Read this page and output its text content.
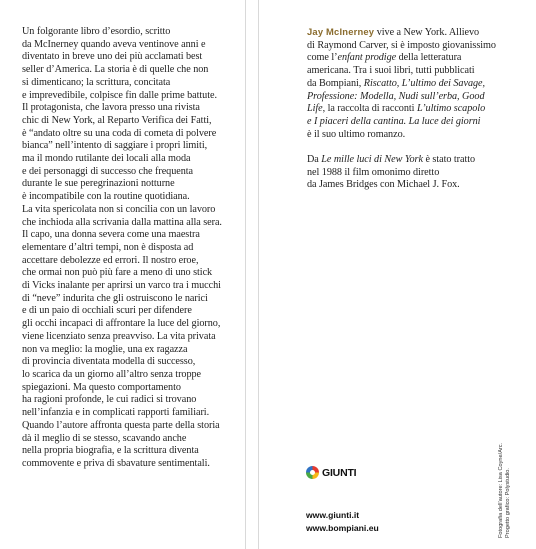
Un folgorante libro d’esordio, scritto
da McInerney quando aveva ventinove anni e
diventato in breve uno dei più acclamati best
seller d’America. La storia è di quelle che non
si dimenticano; la scrittura, concitata
e imprevedibile, colpisce fin dalle prime battute.
Il protagonista, che lavora presso una rivista
chic di New York, al Reparto Verifica dei Fatti,
è “andato oltre su una coda di cometa di polvere
bianca” nell’intento di saggiare i propri limiti,
ma il mondo rutilante dei locali alla moda
e dei personaggi di successo che frequenta
durante le sue peregrinazioni notturne
è incompatibile con la routine quotidiana.
La vita spericolata non si concilia con un lavoro
che inchioda alla scrivania dalla mattina alla sera.
Il capo, una donna severa come una maestra
elementare d’altri tempi, non è disposta ad
accettare debolezze ed errori. Il nostro eroe,
che ormai non può più fare a meno di uno stick
di Vicks inalante per aprirsi un varco tra i mucchi
di “neve” indurita che gli ostruiscono le narici
e di un paio di occhiali scuri per difendere
gli occhi incapaci di affrontare la luce del giorno,
viene licenziato senza preavviso. La vita privata
non va meglio: la moglie, una ex ragazza
di provincia diventata modella di successo,
lo scarica da un giorno all’altro senza troppe
spiegazioni. Ma questo comportamento
ha ragioni profonde, le cui radici si trovano
nell’infanzia e in complicati rapporti familiari.
Quando l’autore affronta questa parte della storia
dà il meglio di se stesso, scavando anche
nella propria biografia, e la scrittura diventa
commovente e priva di sbavature sentimentali.

Jay McInerney vive a New York. Allievo
di Raymond Carver, si è imposto giovanissimo
come l’enfant prodige della letteratura
americana. Tra i suoi libri, tutti pubblicati
da Bompiani, Riscatto, L’ultimo dei Savage,
Professione: Modella, Nudi sull’erba, Good
Life, la raccolta di racconti L’ultimo scapolo
e I piaceri della cantina. La luce dei giorni
è il suo ultimo romanzo.

Da Le mille luci di New York è stato tratto
nel 1988 il film omonimo diretto
da James Bridges con Michael J. Fox.

GIUNTI
www.giunti.it
www.bompiani.eu	Fotografia dell’autore: Lisa Coyne/Arc. Progetto grafico: Polystudio.
